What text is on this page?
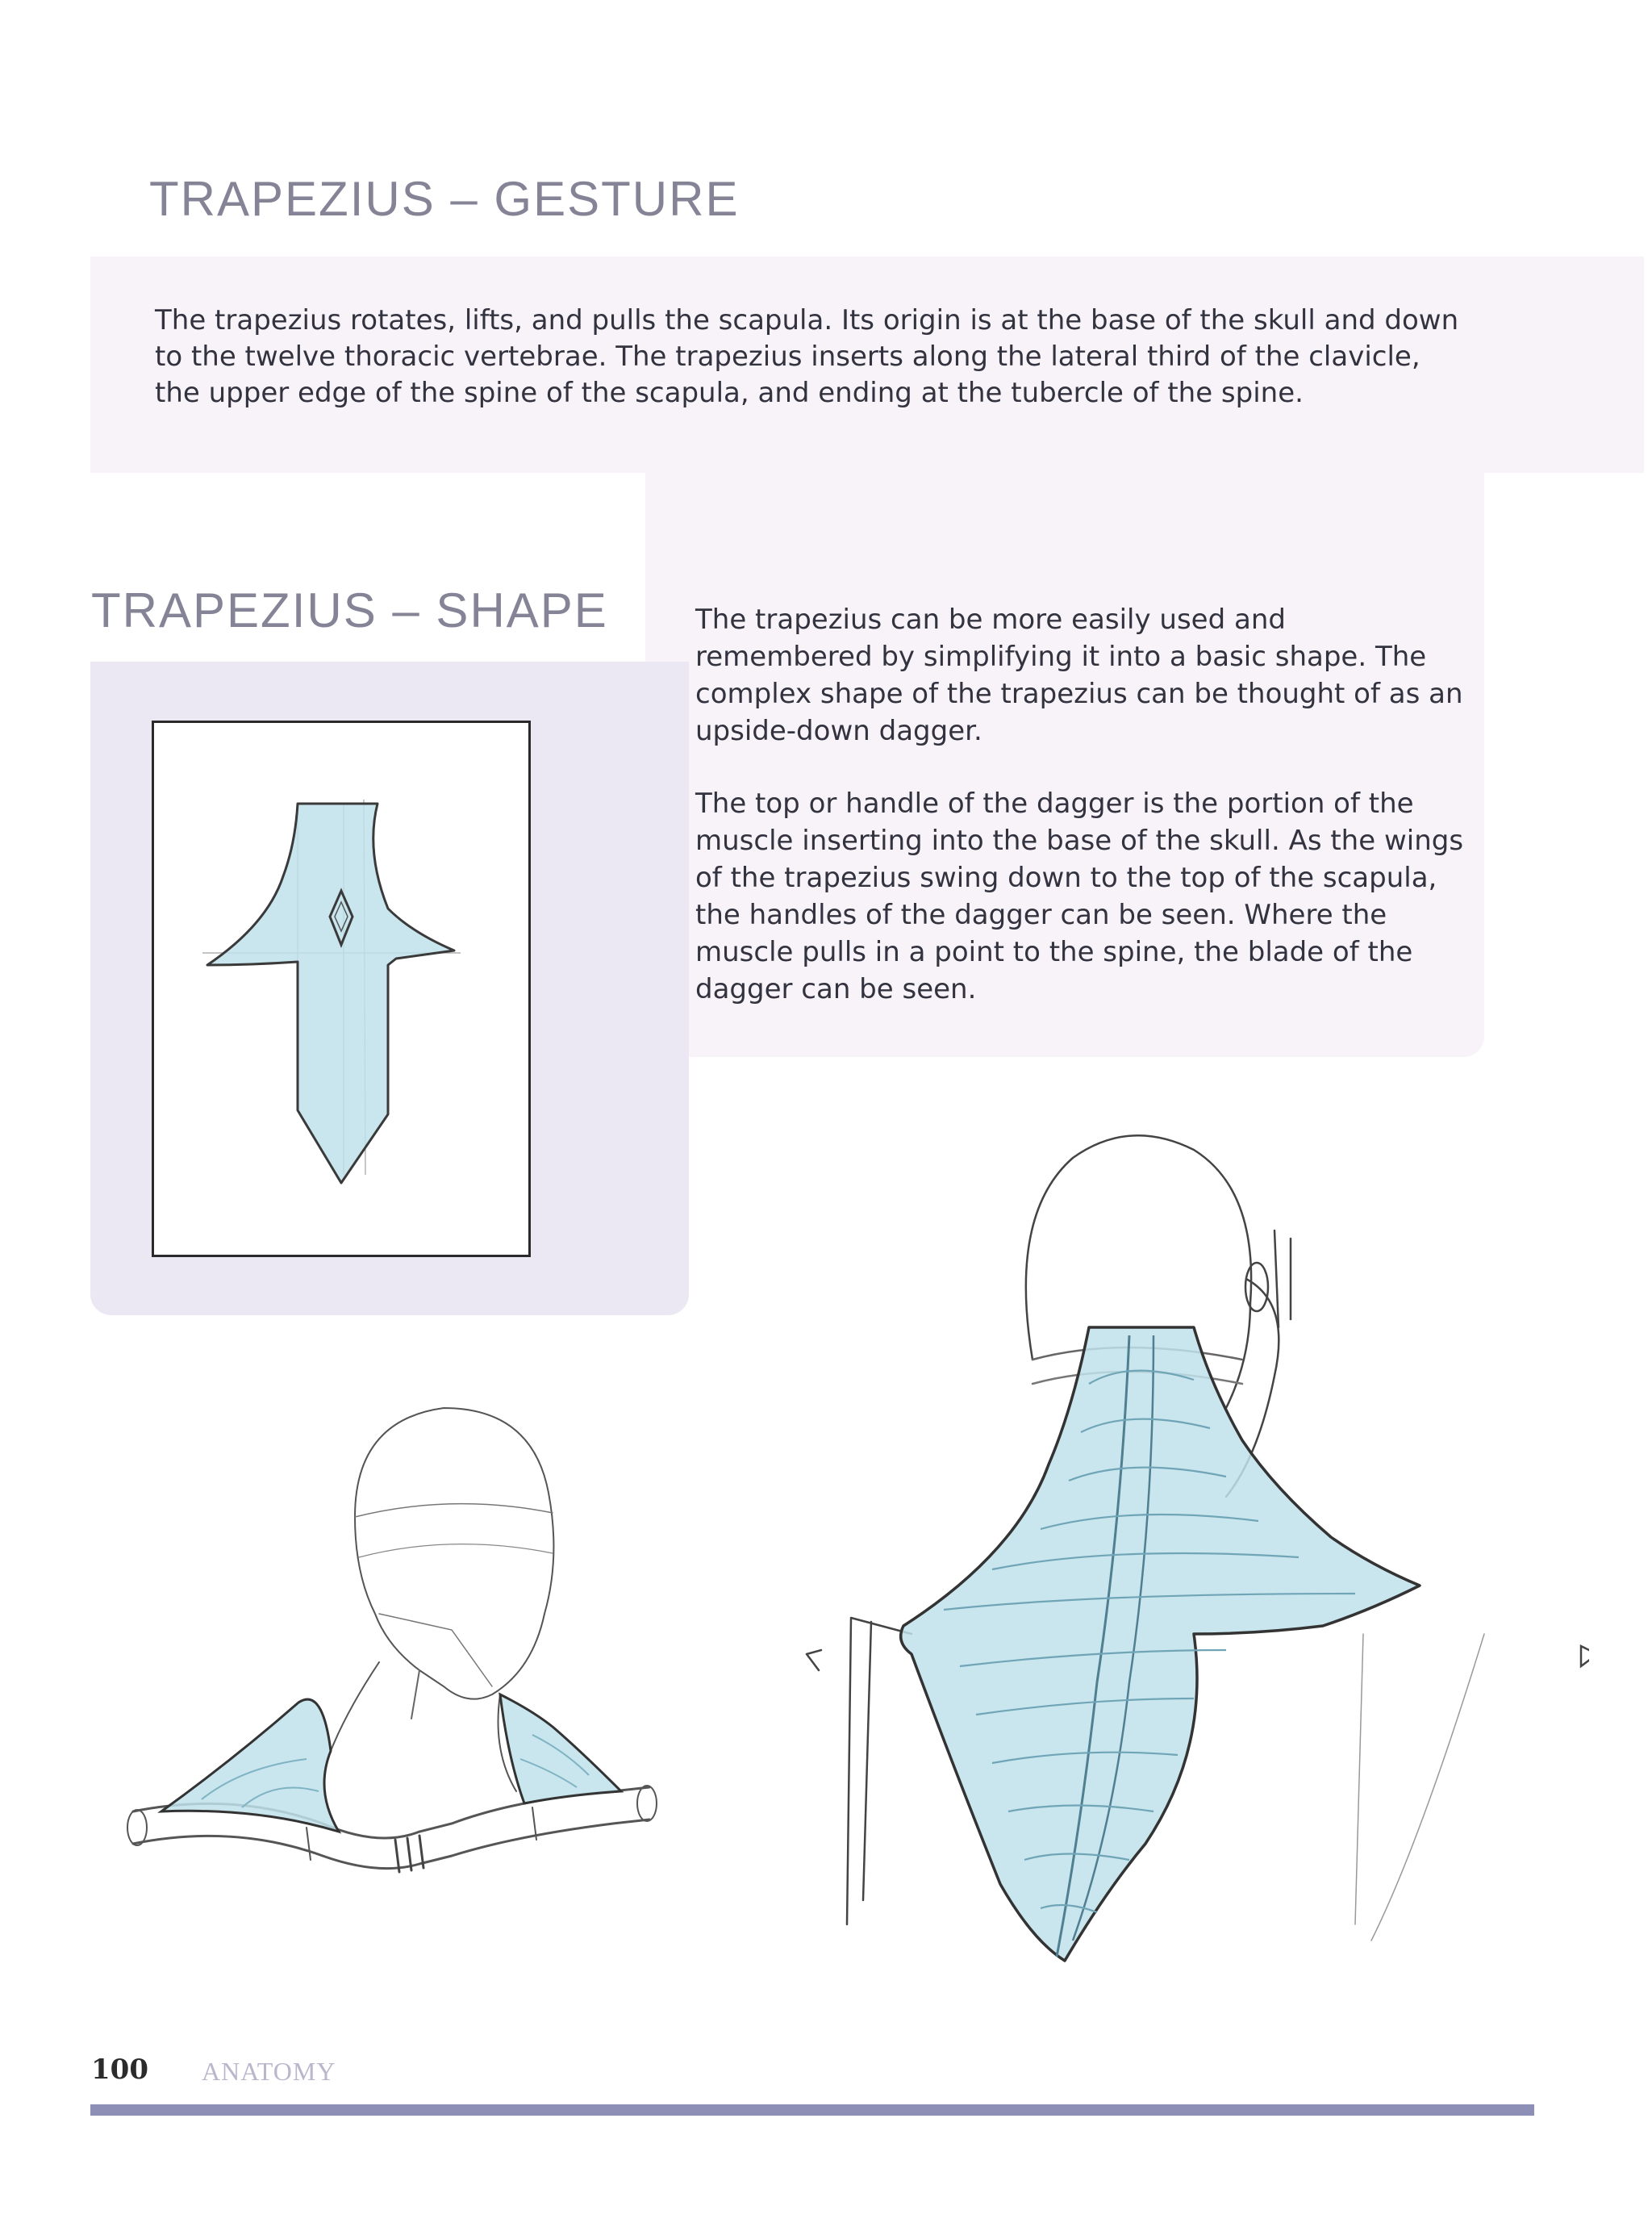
TRAPEZIUS – GESTURE

The trapezius rotates, lifts, and pulls the scapula. Its origin is at the base of the skull and down to the twelve thoracic vertebrae. The trapezius inserts along the lateral third of the clavicle, the upper edge of the spine of the scapula, and ending at the tubercle of the spine.

TRAPEZIUS – SHAPE	The trapezius can be more easily used and remembered by simplifying it into a basic shape. The complex shape of the trapezius can be thought of as an upside-down dagger.

The top or handle of the dagger is the portion of the muscle inserting into the base of the skull. As the wings of the trapezius swing down to the top of the scapula, the handles of the dagger can be seen. Where the muscle pulls in a point to the spine, the blade of the dagger can be seen.

100 ANATOMY
